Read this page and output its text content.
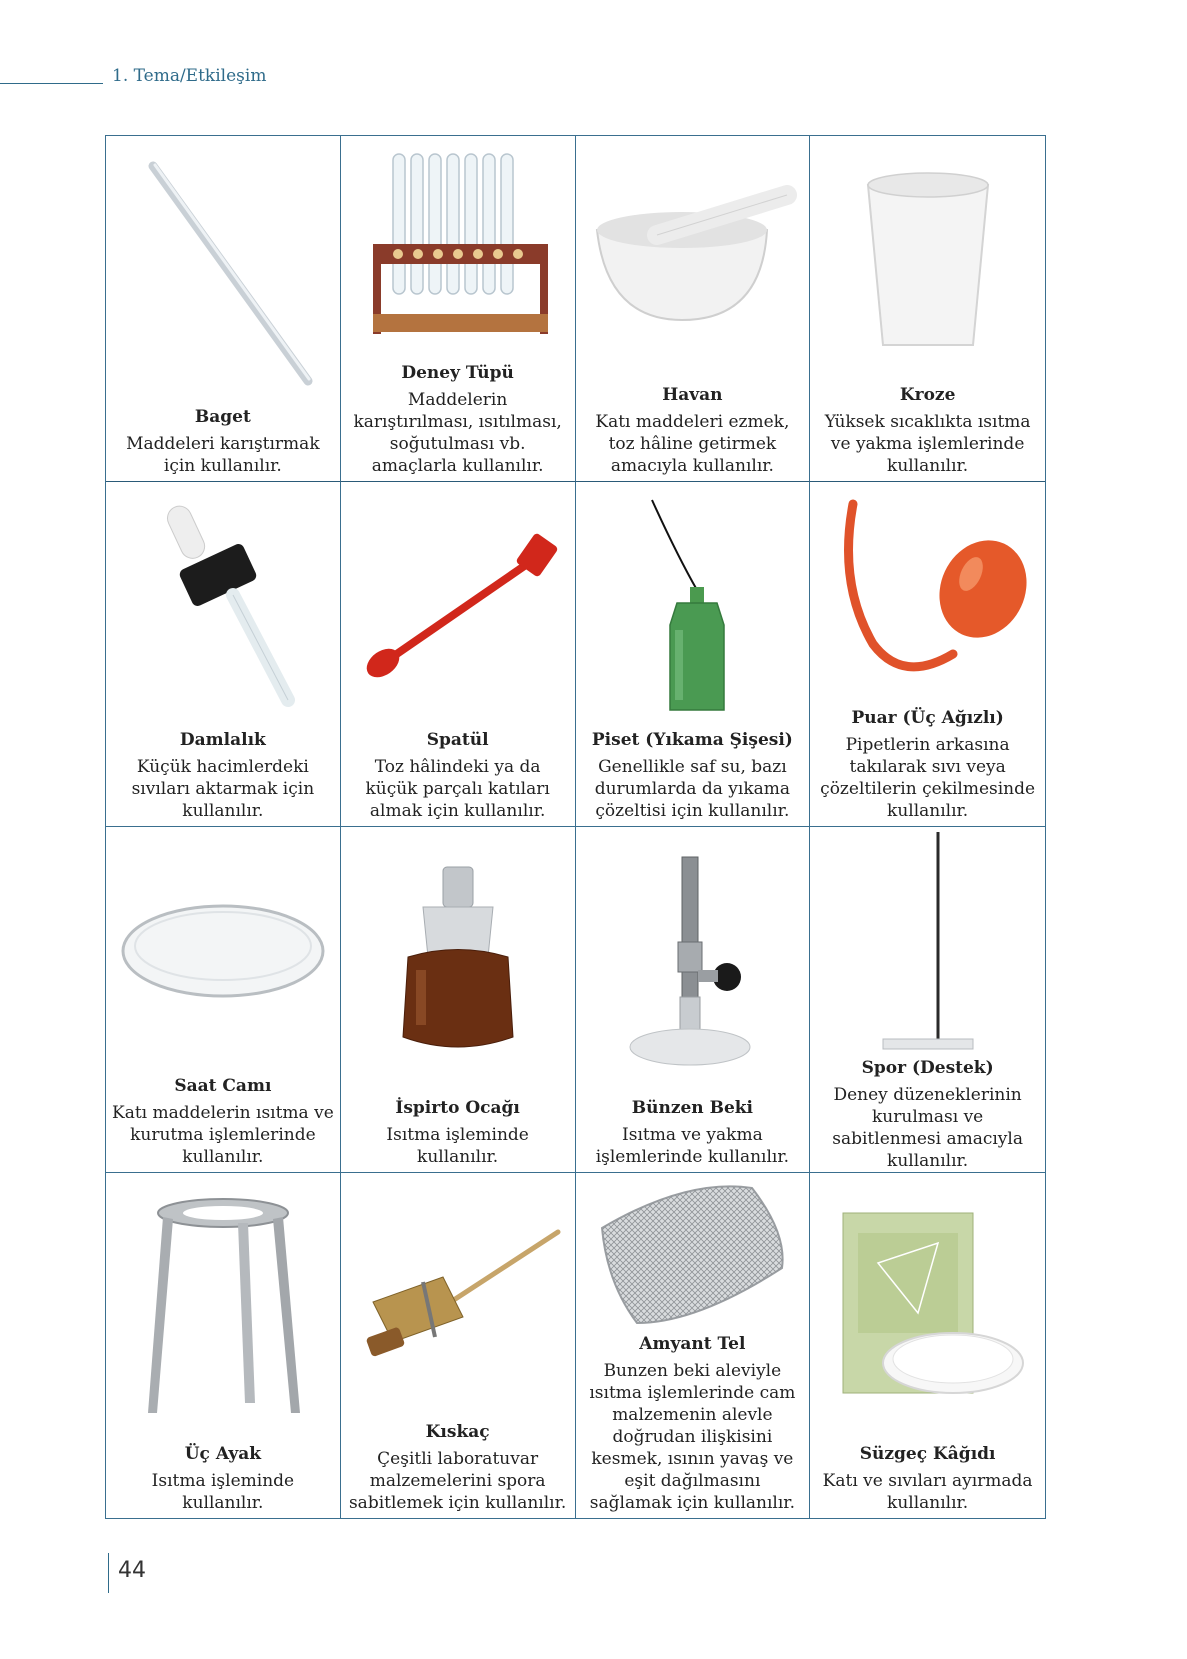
1. Tema/Etkileşim
Baget
Maddeleri karıştırmak için kullanılır.
Deney Tüpü
Maddelerin karıştırılması, ısıtılması, soğutulması vb. amaçlarla kullanılır.
Havan
Katı maddeleri ezmek, toz hâline getirmek amacıyla kullanılır.
Kroze
Yüksek sıcaklıkta ısıtma ve yakma işlemlerinde kullanılır.
Damlalık
Küçük hacimlerdeki sıvıları aktarmak için kullanılır.
Spatül
Toz hâlindeki ya da küçük parçalı katıları almak için kullanılır.
Piset (Yıkama Şişesi)
Genellikle saf su, bazı durumlarda da yıkama çözeltisi için kullanılır.
Puar (Üç Ağızlı)
Pipetlerin arkasına takılarak sıvı veya çözeltilerin çekilmesinde kullanılır.
Saat Camı
Katı maddelerin ısıtma ve kurutma işlemlerinde kullanılır.
İspirto Ocağı
Isıtma işleminde kullanılır.
Bünzen Beki
Isıtma ve yakma işlemlerinde kullanılır.
Spor (Destek)
Deney düzeneklerinin kurulması ve sabitlenmesi amacıyla kullanılır.
Üç Ayak
Isıtma işleminde kullanılır.
Kıskaç
Çeşitli laboratuvar malzemelerini spora sabitlemek için kullanılır.
Amyant Tel
Bunzen beki aleviyle ısıtma işlemlerinde cam malzemenin alevle doğrudan ilişkisini kesmek, ısının yavaş ve eşit dağılmasını sağlamak için kullanılır.
Süzgeç Kâğıdı
Katı ve sıvıları ayırmada kullanılır.
44
